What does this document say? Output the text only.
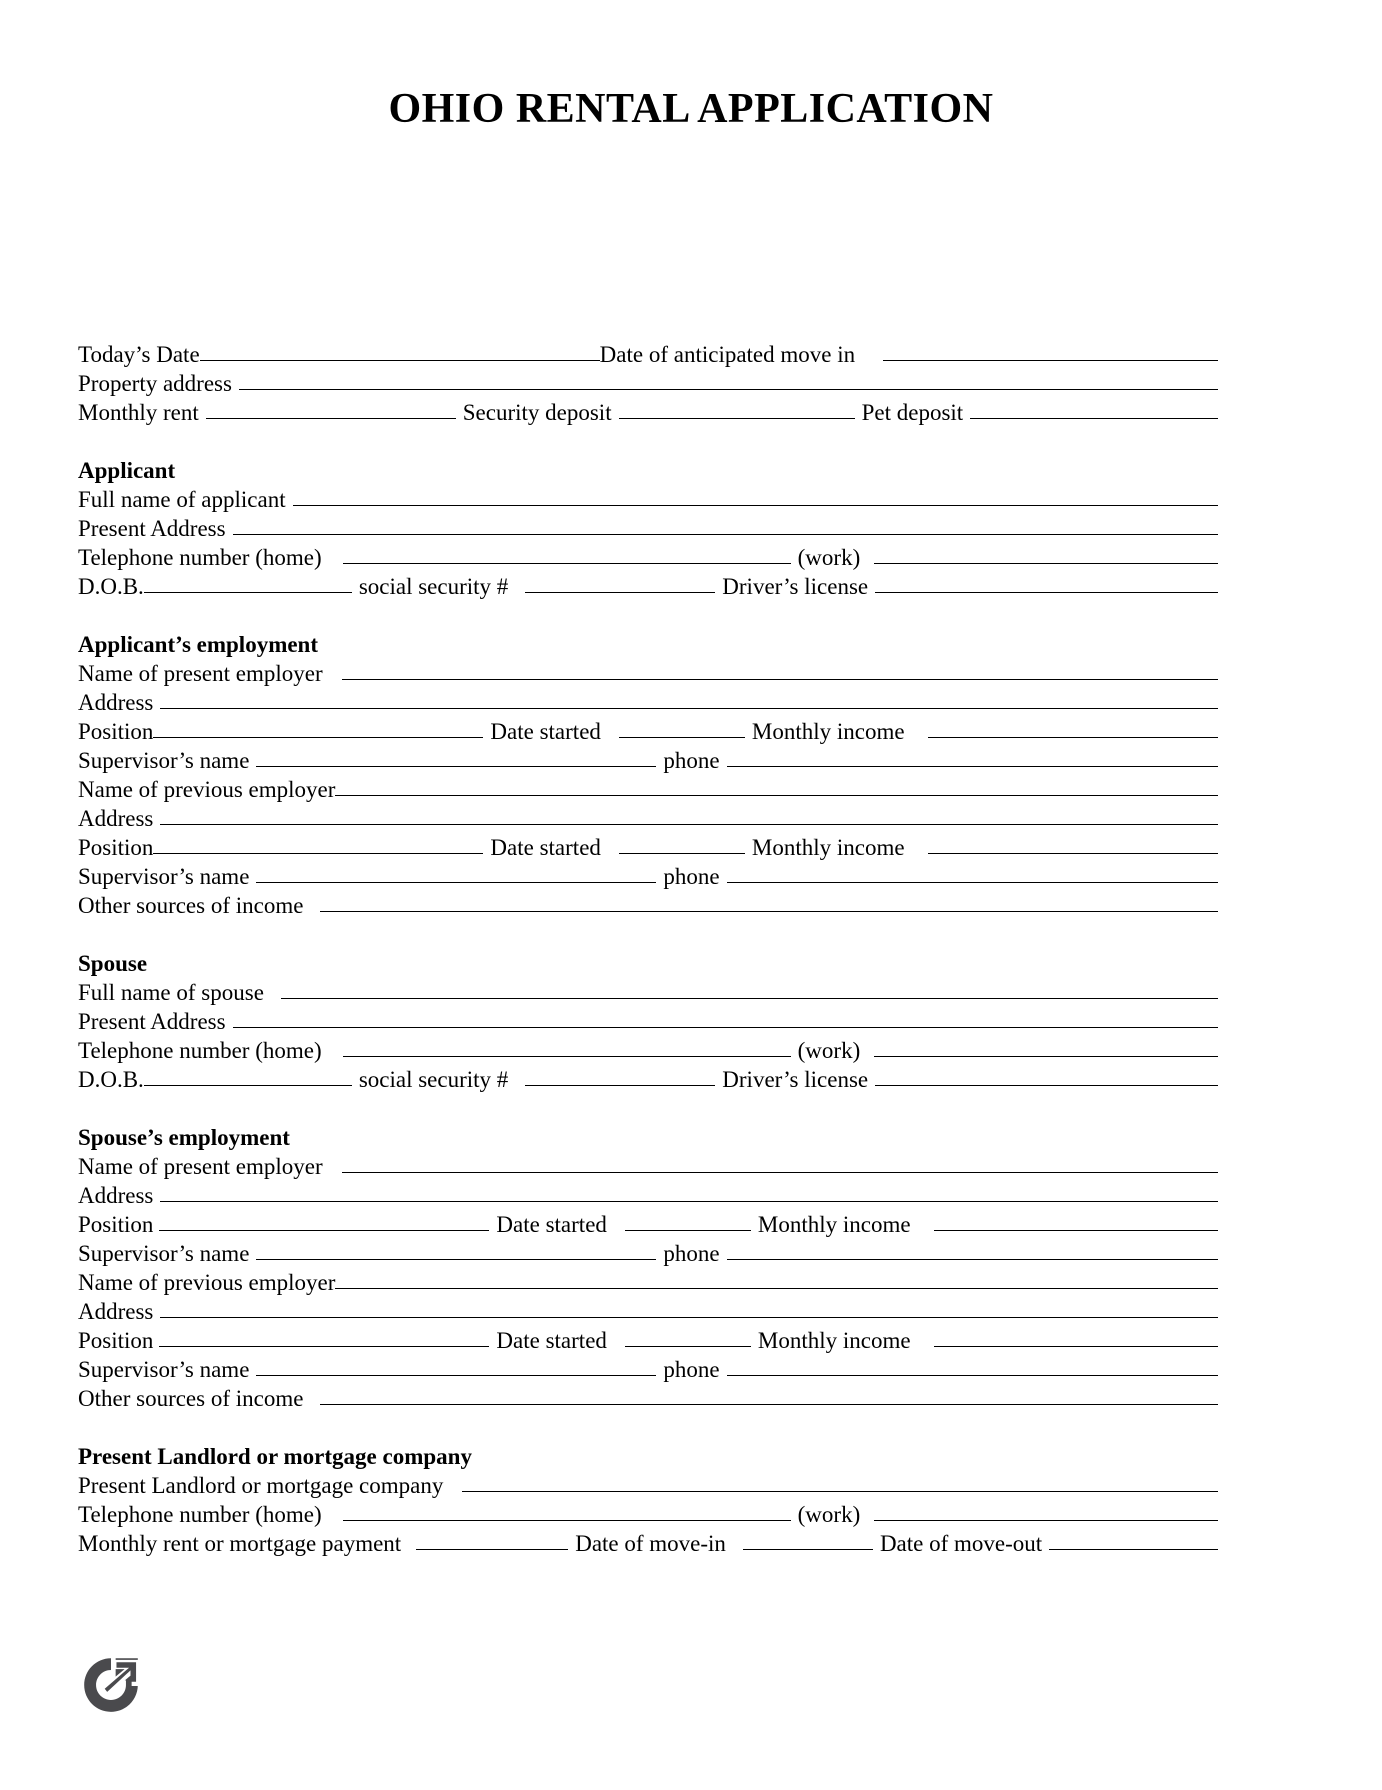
OHIO RENTAL APPLICATION
Today’s Date	Date of anticipated move in
Property address
Monthly rent	Security deposit	Pet deposit
Applicant
Full name of applicant
Present Address
Telephone number (home)	(work)
D.O.B.	social security #	Driver’s license
Applicant’s employment
Name of present employer
Address
Position	Date started	Monthly income
Supervisor’s name	phone
Name of previous employer
Address
Position	Date started	Monthly income
Supervisor’s name	phone
Other sources of income
Spouse
Full name of spouse
Present Address
Telephone number (home)	(work)
D.O.B.	social security #	Driver’s license
Spouse’s employment
Name of present employer
Address
Position	Date started	Monthly income
Supervisor’s name	phone
Name of previous employer
Address
Position	Date started	Monthly income
Supervisor’s name	phone
Other sources of income
Present Landlord or mortgage company
Present Landlord or mortgage company
Telephone number (home)	(work)
Monthly rent or mortgage payment	Date of move-in	Date of move-out
